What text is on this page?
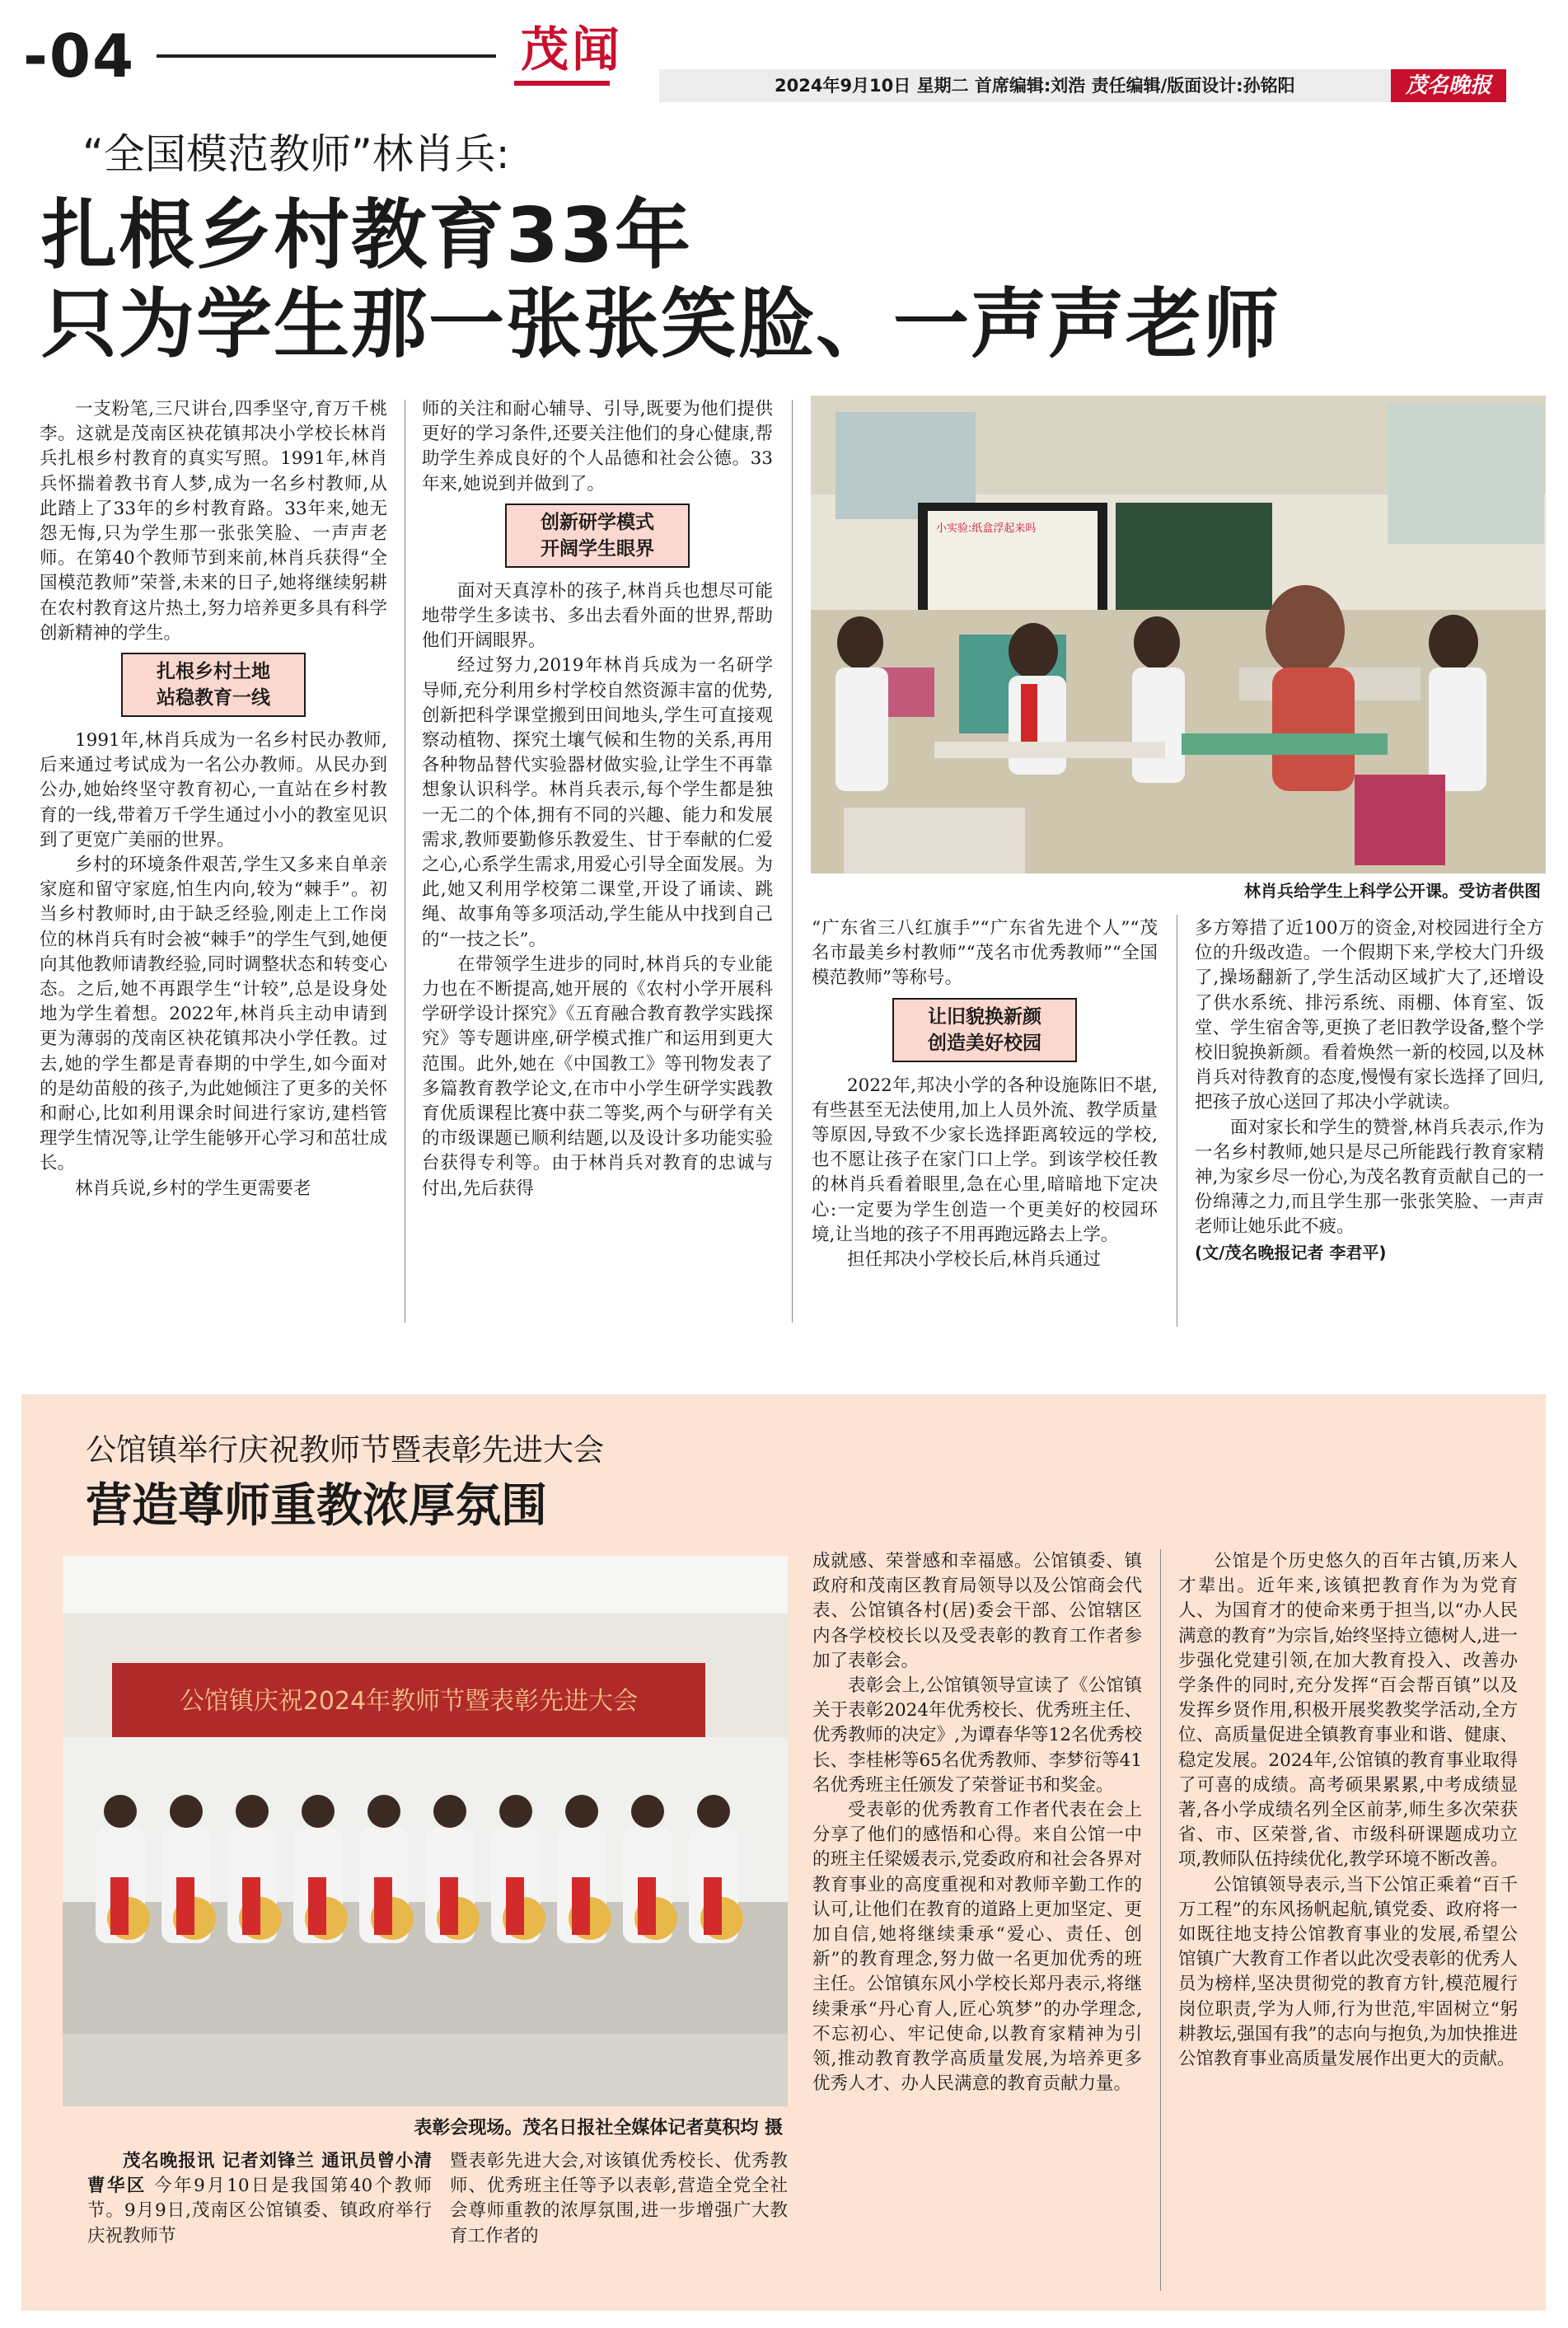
-04	茂闻
2024年9月10日 星期二 首席编辑:刘浩 责任编辑/版面设计:孙铭阳	茂名晚报
“全国模范教师”林肖兵:
扎根乡村教育33年
只为学生那一张张笑脸、一声声老师

一支粉笔,三尺讲台,四季坚守,育万千桃李。这就是茂南区袂花镇邦决小学校长林肖兵扎根乡村教育的真实写照。1991年,林肖兵怀揣着教书育人梦,成为一名乡村教师,从此踏上了33年的乡村教育路。33年来,她无怨无悔,只为学生那一张张笑脸、一声声老师。在第40个教师节到来前,林肖兵获得“全国模范教师”荣誉,未来的日子,她将继续躬耕在农村教育这片热土,努力培养更多具有科学创新精神的学生。

扎根乡村土地
站稳教育一线

1991年,林肖兵成为一名乡村民办教师,后来通过考试成为一名公办教师。从民办到公办,她始终坚守教育初心,一直站在乡村教育的一线,带着万千学生通过小小的教室见识到了更宽广美丽的世界。

乡村的环境条件艰苦,学生又多来自单亲家庭和留守家庭,怕生内向,较为“棘手”。初当乡村教师时,由于缺乏经验,刚走上工作岗位的林肖兵有时会被“棘手”的学生气到,她便向其他教师请教经验,同时调整状态和转变心态。之后,她不再跟学生“计较”,总是设身处地为学生着想。2022年,林肖兵主动申请到更为薄弱的茂南区袂花镇邦决小学任教。过去,她的学生都是青春期的中学生,如今面对的是幼苗般的孩子,为此她倾注了更多的关怀和耐心,比如利用课余时间进行家访,建档管理学生情况等,让学生能够开心学习和茁壮成长。

林肖兵说,乡村的学生更需要老

师的关注和耐心辅导、引导,既要为他们提供更好的学习条件,还要关注他们的身心健康,帮助学生养成良好的个人品德和社会公德。33年来,她说到并做到了。

创新研学模式
开阔学生眼界

面对天真淳朴的孩子,林肖兵也想尽可能地带学生多读书、多出去看外面的世界,帮助他们开阔眼界。

经过努力,2019年林肖兵成为一名研学导师,充分利用乡村学校自然资源丰富的优势,创新把科学课堂搬到田间地头,学生可直接观察动植物、探究土壤气候和生物的关系,再用各种物品替代实验器材做实验,让学生不再靠想象认识科学。林肖兵表示,每个学生都是独一无二的个体,拥有不同的兴趣、能力和发展需求,教师要勤修乐教爱生、甘于奉献的仁爱之心,心系学生需求,用爱心引导全面发展。为此,她又利用学校第二课堂,开设了诵读、跳绳、故事角等多项活动,学生能从中找到自己的“一技之长”。

在带领学生进步的同时,林肖兵的专业能力也在不断提高,她开展的《农村小学开展科学研学设计探究》《五育融合教育教学实践探究》等专题讲座,研学模式推广和运用到更大范围。此外,她在《中国教工》等刊物发表了多篇教育教学论文,在市中小学生研学实践教育优质课程比赛中获二等奖,两个与研学有关的市级课题已顺利结题,以及设计多功能实验台获得专利等。由于林肖兵对教育的忠诚与付出,先后获得

小实验:纸盒浮起来吗
林肖兵给学生上科学公开课。受访者供图

“广东省三八红旗手”“广东省先进个人”“茂名市最美乡村教师”“茂名市优秀教师”“全国模范教师”等称号。

让旧貌换新颜
创造美好校园

2022年,邦决小学的各种设施陈旧不堪,有些甚至无法使用,加上人员外流、教学质量等原因,导致不少家长选择距离较远的学校,也不愿让孩子在家门口上学。到该学校任教的林肖兵看着眼里,急在心里,暗暗地下定决心:一定要为学生创造一个更美好的校园环境,让当地的孩子不用再跑远路去上学。

担任邦决小学校长后,林肖兵通过

多方筹措了近100万的资金,对校园进行全方位的升级改造。一个假期下来,学校大门升级了,操场翻新了,学生活动区域扩大了,还增设了供水系统、排污系统、雨棚、体育室、饭堂、学生宿舍等,更换了老旧教学设备,整个学校旧貌换新颜。看着焕然一新的校园,以及林肖兵对待教育的态度,慢慢有家长选择了回归,把孩子放心送回了邦决小学就读。

面对家长和学生的赞誉,林肖兵表示,作为一名乡村教师,她只是尽己所能践行教育家精神,为家乡尽一份心,为茂名教育贡献自己的一份绵薄之力,而且学生那一张张笑脸、一声声老师让她乐此不疲。

(文/茂名晚报记者 李君平)
公馆镇举行庆祝教师节暨表彰先进大会
营造尊师重教浓厚氛围
公馆镇庆祝2024年教师节暨表彰先进大会
表彰会现场。茂名日报社全媒体记者莫积均 摄

茂名晚报讯 记者刘锋兰 通讯员曾小清 曹华区 今年9月10日是我国第40个教师节。9月9日,茂南区公馆镇委、镇政府举行庆祝教师节

暨表彰先进大会,对该镇优秀校长、优秀教师、优秀班主任等予以表彰,营造全党全社会尊师重教的浓厚氛围,进一步增强广大教育工作者的

成就感、荣誉感和幸福感。公馆镇委、镇政府和茂南区教育局领导以及公馆商会代表、公馆镇各村(居)委会干部、公馆辖区内各学校校长以及受表彰的教育工作者参加了表彰会。

表彰会上,公馆镇领导宣读了《公馆镇关于表彰2024年优秀校长、优秀班主任、优秀教师的决定》,为谭春华等12名优秀校长、李桂彬等65名优秀教师、李梦衍等41名优秀班主任颁发了荣誉证书和奖金。

受表彰的优秀教育工作者代表在会上分享了他们的感悟和心得。来自公馆一中的班主任梁媛表示,党委政府和社会各界对教育事业的高度重视和对教师辛勤工作的认可,让他们在教育的道路上更加坚定、更加自信,她将继续秉承“爱心、责任、创新”的教育理念,努力做一名更加优秀的班主任。公馆镇东风小学校长郑丹表示,将继续秉承“丹心育人,匠心筑梦”的办学理念,不忘初心、牢记使命,以教育家精神为引领,推动教育教学高质量发展,为培养更多优秀人才、办人民满意的教育贡献力量。

公馆是个历史悠久的百年古镇,历来人才辈出。近年来,该镇把教育作为为党育人、为国育才的使命来勇于担当,以“办人民满意的教育”为宗旨,始终坚持立德树人,进一步强化党建引领,在加大教育投入、改善办学条件的同时,充分发挥“百会帮百镇”以及发挥乡贤作用,积极开展奖教奖学活动,全方位、高质量促进全镇教育事业和谐、健康、稳定发展。2024年,公馆镇的教育事业取得了可喜的成绩。高考硕果累累,中考成绩显著,各小学成绩名列全区前茅,师生多次荣获省、市、区荣誉,省、市级科研课题成功立项,教师队伍持续优化,教学环境不断改善。

公馆镇领导表示,当下公馆正乘着“百千万工程”的东风扬帆起航,镇党委、政府将一如既往地支持公馆教育事业的发展,希望公馆镇广大教育工作者以此次受表彰的优秀人员为榜样,坚决贯彻党的教育方针,模范履行岗位职责,学为人师,行为世范,牢固树立“躬耕教坛,强国有我”的志向与抱负,为加快推进公馆教育事业高质量发展作出更大的贡献。
